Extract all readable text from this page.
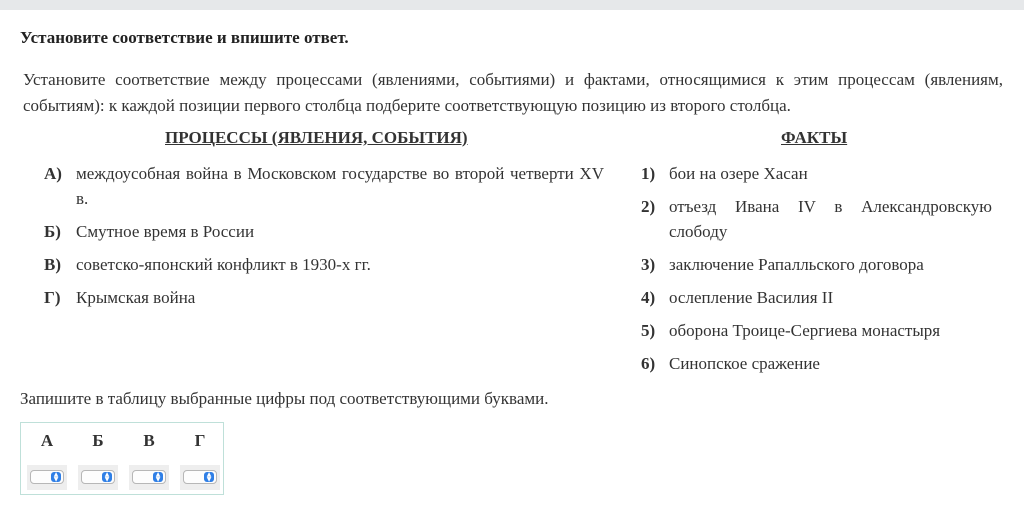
Установите соответствие и впишите ответ.
Установите соответствие между процессами (явлениями, событиями) и фактами, относящимися к этим процессам (явлениям, событиям): к каждой позиции первого столбца подберите соответствующую позицию из второго столбца.
ПРОЦЕССЫ (ЯВЛЕНИЯ, СОБЫТИЯ)	ФАКТЫ
А) междоусобная война в Московском государстве во второй четверти XV в.
Б) Смутное время в России
В) советско-японский конфликт в 1930-х гг.
Г) Крымская война
1) бои на озере Хасан
2) отъезд Ивана IV в Александровскую слободу
3) заключение Рапалльского договора
4) ослепление Василия II
5) оборона Троице-Сергиева монастыря
6) Синопское сражение
Запишите в таблицу выбранные цифры под соответствующими буквами.
А	Б	В	Г
▲
▼
▲
▼
▲
▼
▲
▼
